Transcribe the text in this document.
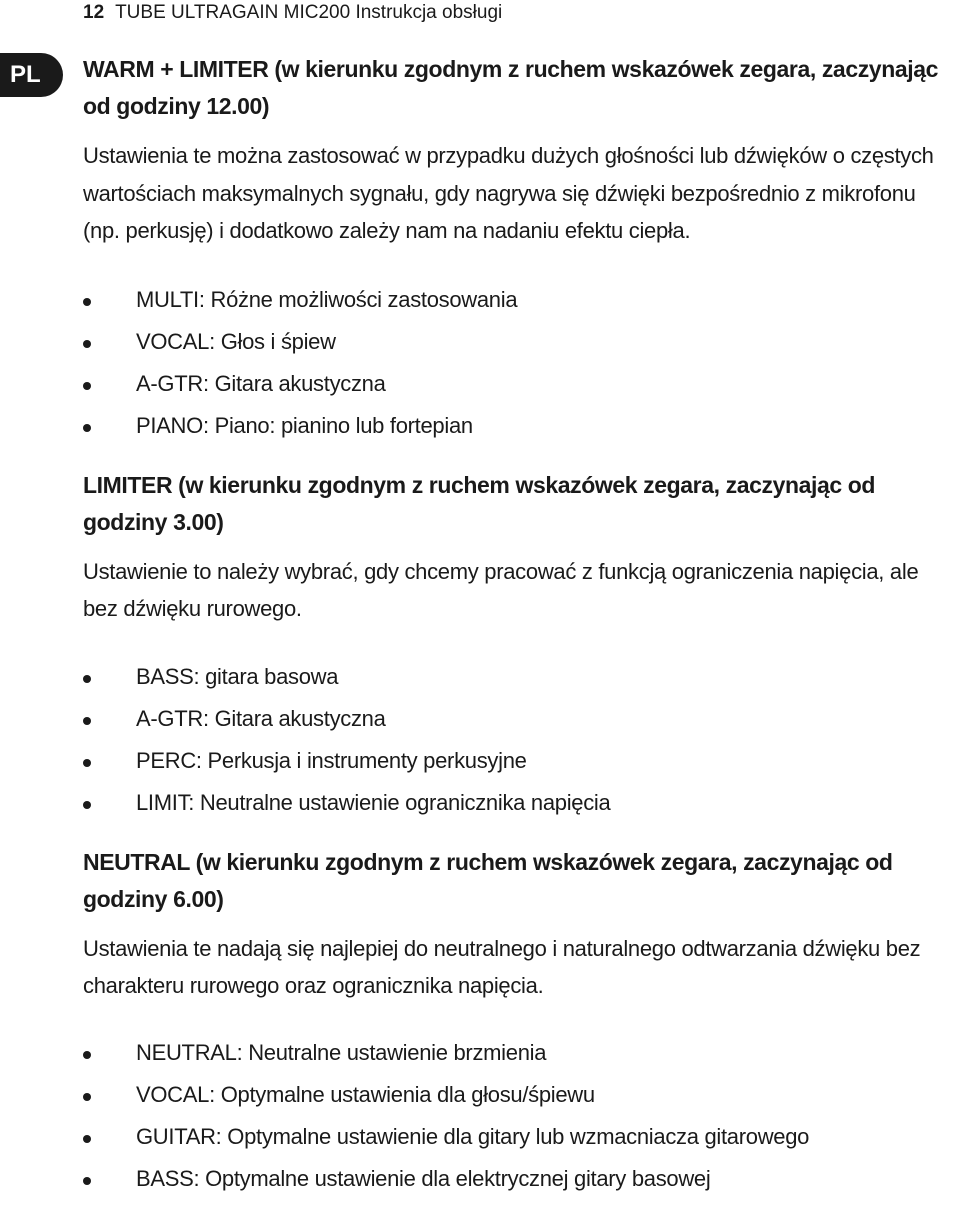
12 TUBE ULTRAGAIN MIC200 Instrukcja obsługi
PL	WARM + LIMITER (w kierunku zgodnym z ruchem wskazówek zegara, zaczynając od godziny 12.00)

Ustawienia te można zastosować w przypadku dużych głośności lub dźwięków o częstych wartościach maksymalnych sygnału, gdy nagrywa się dźwięki bezpośrednio z mikrofonu (np. perkusję) i dodatkowo zależy nam na nadaniu efektu ciepła.

MULTI: Różne możliwości zastosowania
VOCAL: Głos i śpiew
A-GTR: Gitara akustyczna
PIANO: Piano: pianino lub fortepian
LIMITER (w kierunku zgodnym z ruchem wskazówek zegara, zaczynając od godziny 3.00)

Ustawienie to należy wybrać, gdy chcemy pracować z funkcją ograniczenia napięcia, ale bez dźwięku rurowego.

BASS: gitara basowa
A-GTR: Gitara akustyczna
PERC: Perkusja i instrumenty perkusyjne
LIMIT: Neutralne ustawienie ogranicznika napięcia
NEUTRAL (w kierunku zgodnym z ruchem wskazówek zegara, zaczynając od godziny 6.00)

Ustawienia te nadają się najlepiej do neutralnego i naturalnego odtwarzania dźwięku bez charakteru rurowego oraz ogranicznika napięcia.

NEUTRAL: Neutralne ustawienie brzmienia
VOCAL: Optymalne ustawienia dla głosu/śpiewu
GUITAR: Optymalne ustawienie dla gitary lub wzmacniacza gitarowego
BASS: Optymalne ustawienie dla elektrycznej gitary basowej
